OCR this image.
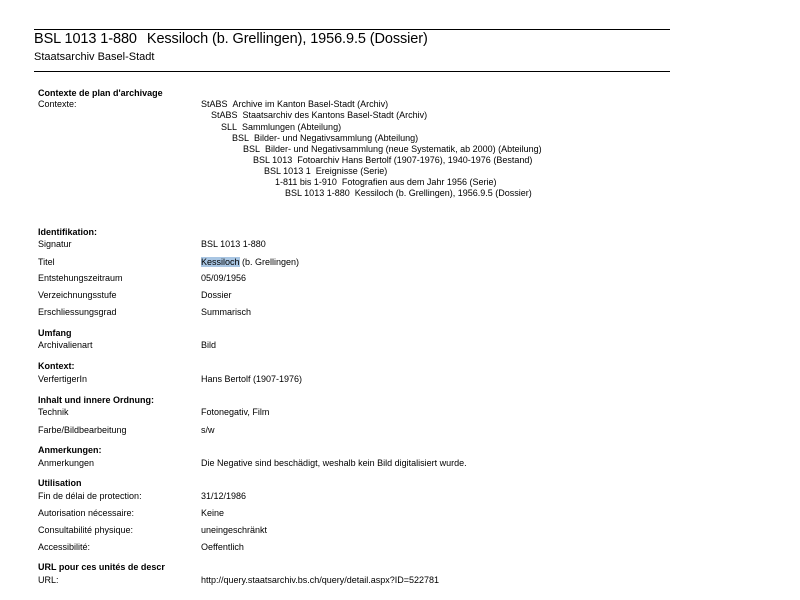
BSL 1013 1-880 Kessiloch (b. Grellingen), 1956.9.5 (Dossier)
Staatsarchiv Basel-Stadt
Contexte de plan d'archivage
Contexte:	StABS Archive im Kanton Basel-Stadt (Archiv)
StABS Staatsarchiv des Kantons Basel-Stadt (Archiv)
SLL Sammlungen (Abteilung)
BSL Bilder- und Negativsammlung (Abteilung)
BSL Bilder- und Negativsammlung (neue Systematik, ab 2000) (Abteilung)
BSL 1013 Fotoarchiv Hans Bertolf (1907-1976), 1940-1976 (Bestand)
BSL 1013 1 Ereignisse (Serie)
1-811 bis 1-910 Fotografien aus dem Jahr 1956 (Serie)
BSL 1013 1-880 Kessiloch (b. Grellingen), 1956.9.5 (Dossier)
Identifikation:
Signatur	BSL 1013 1-880
Titel	Kessiloch (b. Grellingen)
Entstehungszeitraum	05/09/1956
Verzeichnungsstufe	Dossier
Erschliessungsgrad	Summarisch
Umfang
Archivalienart	Bild
Kontext:
VerfertigerIn	Hans Bertolf (1907-1976)
Inhalt und innere Ordnung:
Technik	Fotonegativ, Film
Farbe/Bildbearbeitung	s/w
Anmerkungen:
Anmerkungen	Die Negative sind beschädigt, weshalb kein Bild digitalisiert wurde.
Utilisation
Fin de délai de protection:	31/12/1986
Autorisation nécessaire:	Keine
Consultabilité physique:	uneingeschränkt
Accessibilité:	Oeffentlich
URL pour ces unités de descr
URL:	http://query.staatsarchiv.bs.ch/query/detail.aspx?ID=522781
